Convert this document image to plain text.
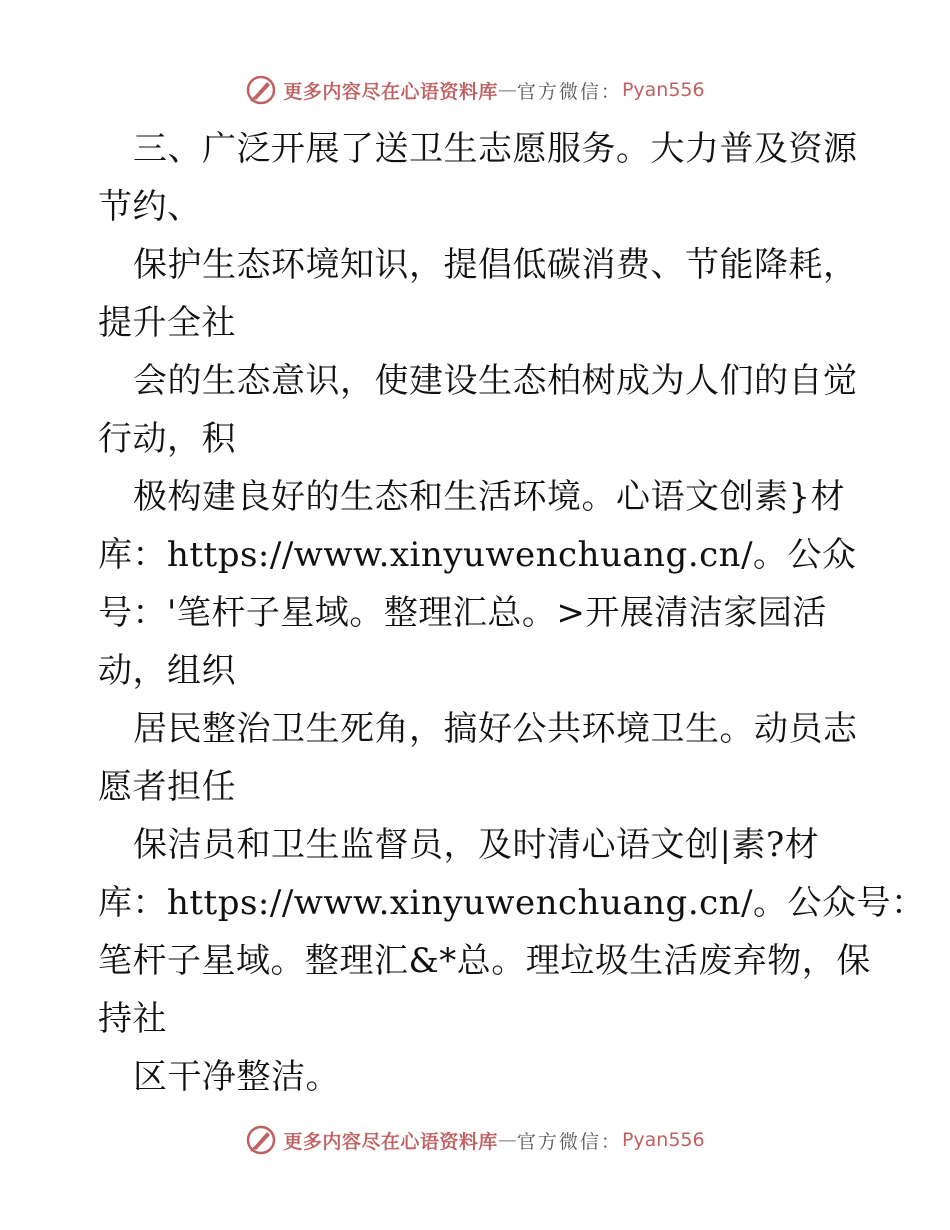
更多内容尽在心语资料库 — 官方微信： Pyan556
三、广泛开展了送卫生志愿服务。大力普及资源
节约、
保护生态环境知识，提倡低碳消费、节能降耗，
提升全社
会的生态意识，使建设生态柏树成为人们的自觉
行动，积
极构建良好的生态和生活环境。心语文创素}材
库：https://www.xinyuwenchuang.cn/。公众
号：'笔杆子星域。整理汇总。>开展清洁家园活
动，组织
居民整治卫生死角，搞好公共环境卫生。动员志
愿者担任
保洁员和卫生监督员，及时清心语文创|素?材
库：https://www.xinyuwenchuang.cn/。公众号：
笔杆子星域。整理汇&*总。理垃圾生活废弃物，保
持社
区干净整洁。
更多内容尽在心语资料库 — 官方微信： Pyan556
